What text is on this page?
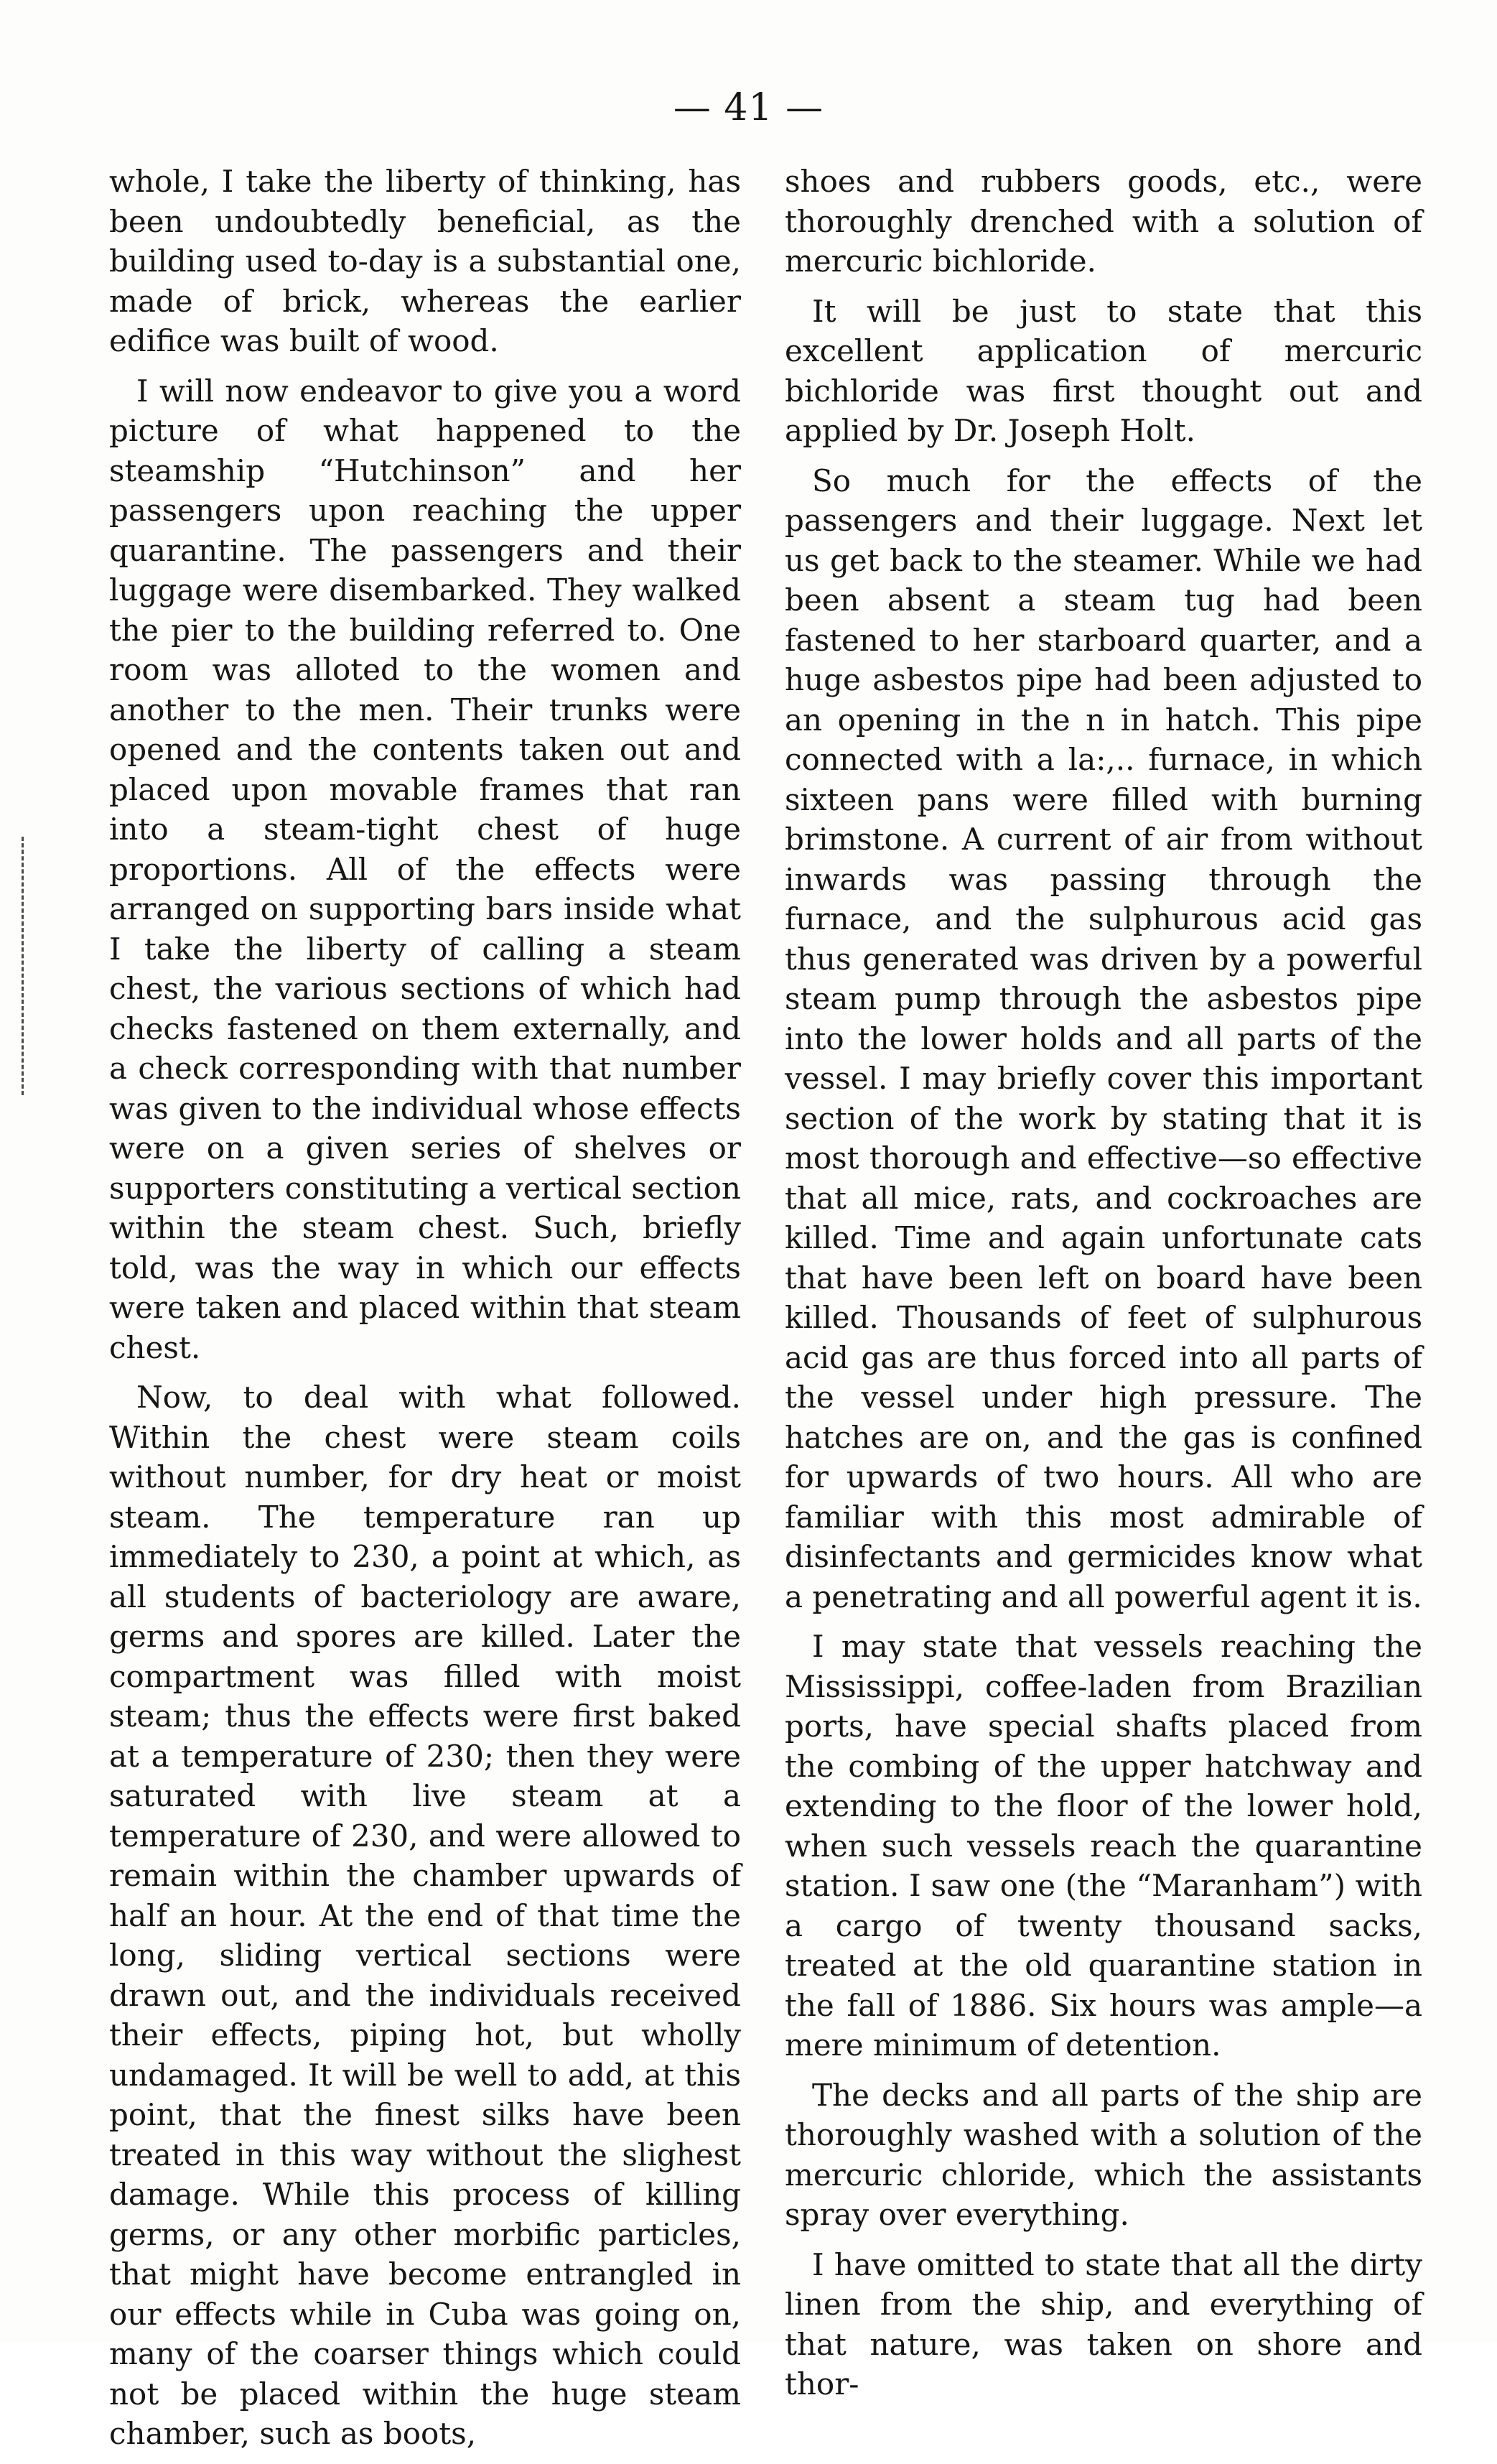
— 41 —

whole, I take the liberty of thinking, has been undoubtedly beneficial, as the building used to-day is a substantial one, made of brick, whereas the earlier edifice was built of wood.

I will now endeavor to give you a word picture of what happened to the steamship “Hutchinson” and her passengers upon reaching the upper quarantine. The passengers and their luggage were disembarked. They walked the pier to the building referred to. One room was alloted to the women and another to the men. Their trunks were opened and the contents taken out and placed upon movable frames that ran into a steam-tight chest of huge proportions. All of the effects were arranged on supporting bars inside what I take the liberty of calling a steam chest, the various sections of which had checks fastened on them externally, and a check corresponding with that number was given to the individual whose effects were on a given series of shelves or supporters constituting a vertical section within the steam chest. Such, briefly told, was the way in which our effects were taken and placed within that steam chest.

Now, to deal with what followed. Within the chest were steam coils without number, for dry heat or moist steam. The temperature ran up immediately to 230, a point at which, as all students of bacteriology are aware, germs and spores are killed. Later the compartment was filled with moist steam; thus the effects were first baked at a temperature of 230; then they were saturated with live steam at a temperature of 230, and were allowed to remain within the chamber upwards of half an hour. At the end of that time the long, sliding vertical sections were drawn out, and the individuals received their effects, piping hot, but wholly undamaged. It will be well to add, at this point, that the finest silks have been treated in this way without the slighest damage. While this process of killing germs, or any other morbific particles, that might have become entrangled in our effects while in Cuba was going on, many of the coarser things which could not be placed within the huge steam chamber, such as boots,

shoes and rubbers goods, etc., were thoroughly drenched with a solution of mercuric bichloride.

It will be just to state that this excellent application of mercuric bichloride was first thought out and applied by Dr. Joseph Holt.

So much for the effects of the passengers and their luggage. Next let us get back to the steamer. While we had been absent a steam tug had been fastened to her starboard quarter, and a huge asbestos pipe had been adjusted to an opening in the n in hatch. This pipe connected with a la:,.. furnace, in which sixteen pans were filled with burning brimstone. A current of air from without inwards was passing through the furnace, and the sulphurous acid gas thus generated was driven by a powerful steam pump through the asbestos pipe into the lower holds and all parts of the vessel. I may briefly cover this important section of the work by stating that it is most thorough and effective—so effective that all mice, rats, and cockroaches are killed. Time and again unfortunate cats that have been left on board have been killed. Thousands of feet of sulphurous acid gas are thus forced into all parts of the vessel under high pressure. The hatches are on, and the gas is confined for upwards of two hours. All who are familiar with this most admirable of disinfectants and germicides know what a penetrating and all powerful agent it is.

I may state that vessels reaching the Mississippi, coffee-laden from Brazilian ports, have special shafts placed from the combing of the upper hatchway and extending to the floor of the lower hold, when such vessels reach the quarantine station. I saw one (the “Maranham”) with a cargo of twenty thousand sacks, treated at the old quarantine station in the fall of 1886. Six hours was ample—a mere minimum of detention.

The decks and all parts of the ship are thoroughly washed with a solution of the mercuric chloride, which the assistants spray over everything.

I have omitted to state that all the dirty linen from the ship, and everything of that nature, was taken on shore and thor-
